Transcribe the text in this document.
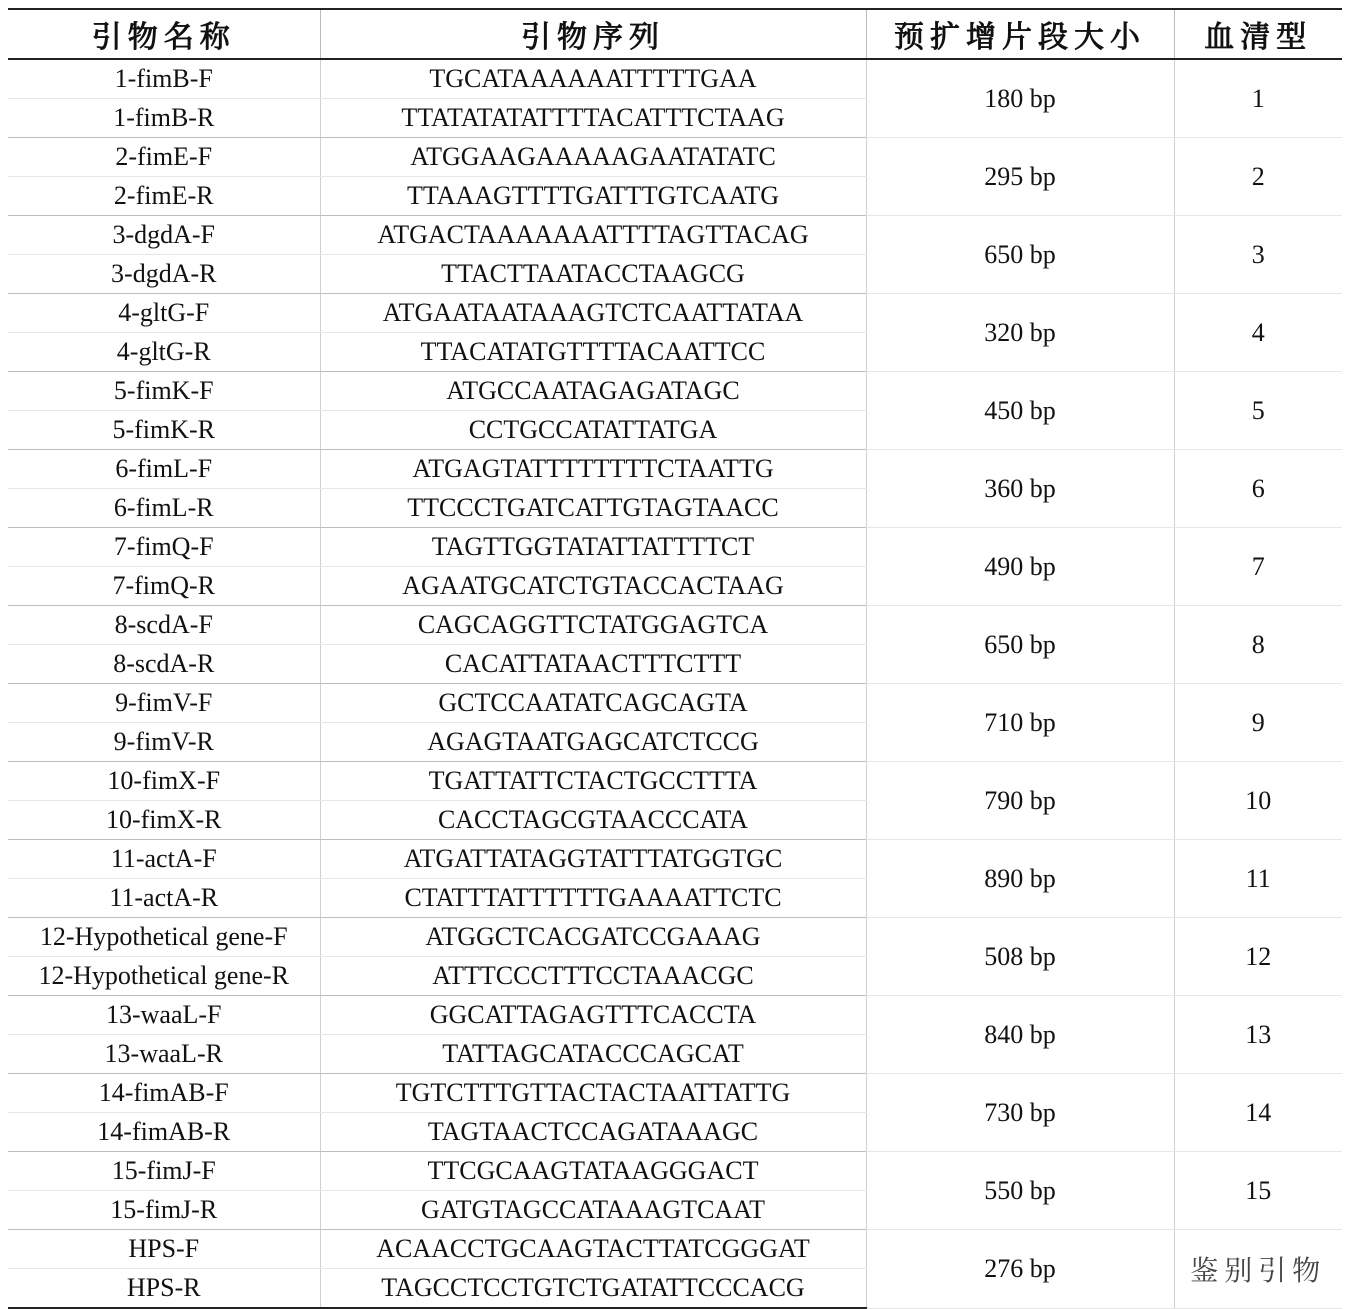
引物名称	引物序列	预扩增片段大小	血清型
1-fimB-F	TGCATAAAAAATTTTTGAA	180 bp	1
1-fimB-R	TTATATATATTTTACATTTCTAAG		
2-fimE-F	ATGGAAGAAAAAGAATATATC	295 bp	2
2-fimE-R	TTAAAGTTTTGATTTGTCAATG		
3-dgdA-F	ATGACTAAAAAAATTTTAGTTACAG	650 bp	3
3-dgdA-R	TTACTTAATACCTAAGCG		
4-gltG-F	ATGAATAATAAAGTCTCAATTATAA	320 bp	4
4-gltG-R	TTACATATGTTTTACAATTCC		
5-fimK-F	ATGCCAATAGAGATAGC	450 bp	5
5-fimK-R	CCTGCCATATTATGA		
6-fimL-F	ATGAGTATTTTTTTTCTAATTG	360 bp	6
6-fimL-R	TTCCCTGATCATTGTAGTAACC		
7-fimQ-F	TAGTTGGTATATTATTTTCT	490 bp	7
7-fimQ-R	AGAATGCATCTGTACCACTAAG		
8-scdA-F	CAGCAGGTTCTATGGAGTCA	650 bp	8
8-scdA-R	CACATTATAACTTTCTTT		
9-fimV-F	GCTCCAATATCAGCAGTA	710 bp	9
9-fimV-R	AGAGTAATGAGCATCTCCG		
10-fimX-F	TGATTATTCTACTGCCTTTA	790 bp	10
10-fimX-R	CACCTAGCGTAACCCATA		
11-actA-F	ATGATTATAGGTATTTATGGTGC	890 bp	11
11-actA-R	CTATTTATTTTTTGAAAATTCTC		
12-Hypothetical gene-F	ATGGCTCACGATCCGAAAG	508 bp	12
12-Hypothetical gene-R	ATTTCCCTTTCCTAAACGC		
13-waaL-F	GGCATTAGAGTTTCACCTA	840 bp	13
13-waaL-R	TATTAGCATACCCAGCAT		
14-fimAB-F	TGTCTTTGTTACTACTAATTATTG	730 bp	14
14-fimAB-R	TAGTAACTCCAGATAAAGC		
15-fimJ-F	TTCGCAAGTATAAGGGACT	550 bp	15
15-fimJ-R	GATGTAGCCATAAAGTCAAT		
HPS-F	ACAACCTGCAAGTACTTATCGGGAT	276 bp	鉴别引物
HPS-R	TAGCCTCCTGTCTGATATTCCCACG		
